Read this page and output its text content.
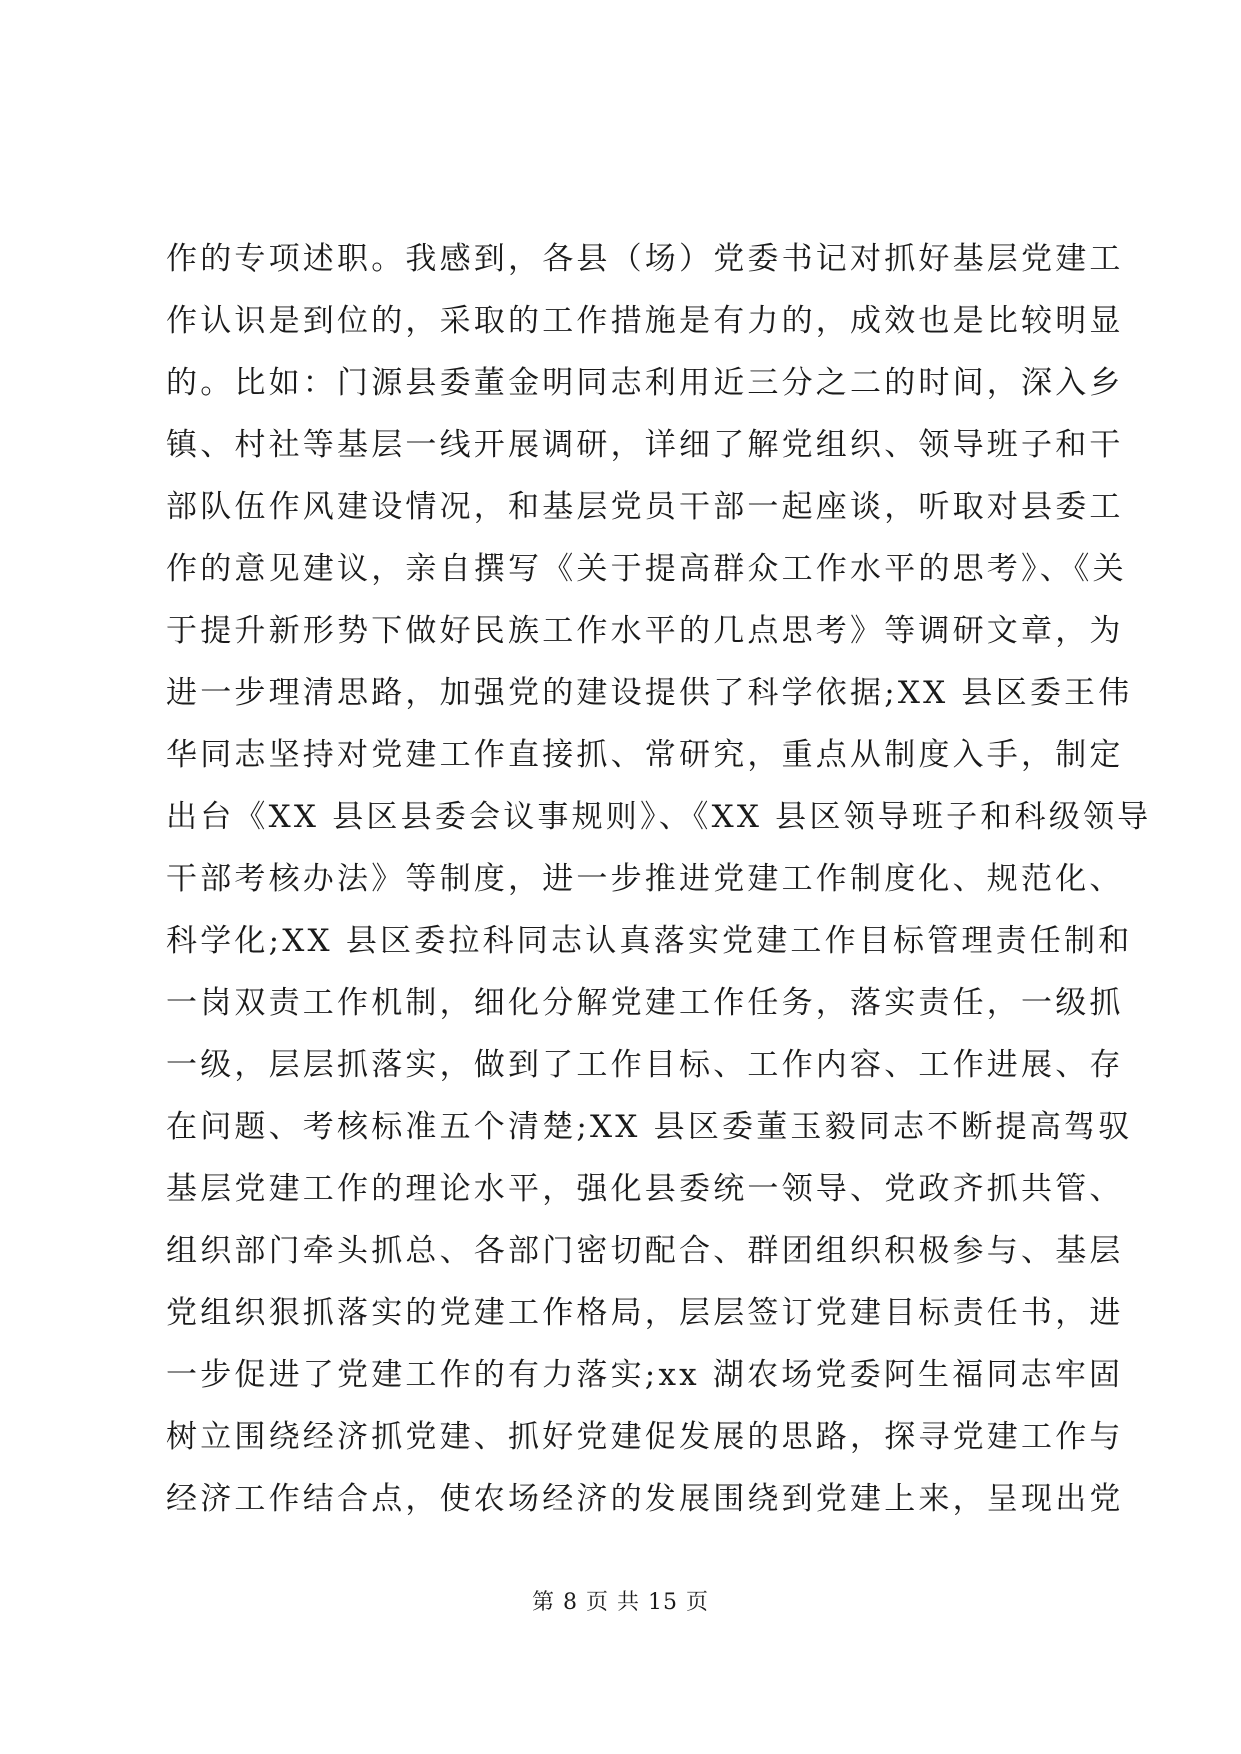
作的专项述职。我感到，各县（场）党委书记对抓好基层党建工
作认识是到位的，采取的工作措施是有力的，成效也是比较明显
的。比如：门源县委董金明同志利用近三分之二的时间，深入乡
镇、村社等基层一线开展调研，详细了解党组织、领导班子和干
部队伍作风建设情况，和基层党员干部一起座谈，听取对县委工
作的意见建议，亲自撰写《关于提高群众工作水平的思考》、《关
于提升新形势下做好民族工作水平的几点思考》等调研文章，为
进一步理清思路，加强党的建设提供了科学依据;XX 县区委王伟
华同志坚持对党建工作直接抓、常研究，重点从制度入手，制定
出台《XX 县区县委会议事规则》、《XX 县区领导班子和科级领导
干部考核办法》等制度，进一步推进党建工作制度化、规范化、
科学化;XX 县区委拉科同志认真落实党建工作目标管理责任制和
一岗双责工作机制，细化分解党建工作任务，落实责任，一级抓
一级，层层抓落实，做到了工作目标、工作内容、工作进展、存
在问题、考核标准五个清楚;XX 县区委董玉毅同志不断提高驾驭
基层党建工作的理论水平，强化县委统一领导、党政齐抓共管、
组织部门牵头抓总、各部门密切配合、群团组织积极参与、基层
党组织狠抓落实的党建工作格局，层层签订党建目标责任书，进
一步促进了党建工作的有力落实;xx 湖农场党委阿生福同志牢固
树立围绕经济抓党建、抓好党建促发展的思路，探寻党建工作与
经济工作结合点，使农场经济的发展围绕到党建上来，呈现出党
第 8 页 共 15 页
